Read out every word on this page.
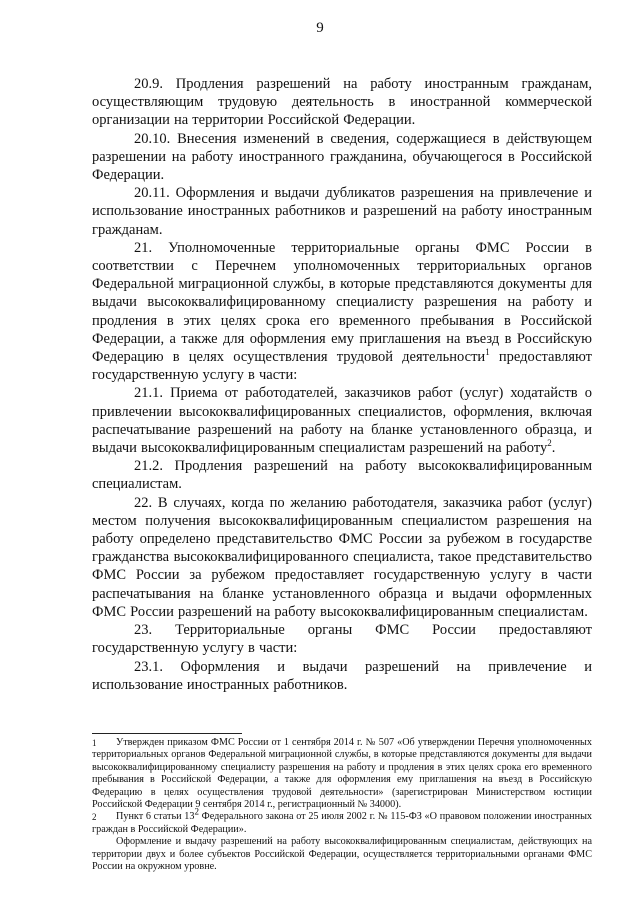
9

20.9. Продления разрешений на работу иностранным гражданам, осуществляющим трудовую деятельность в иностранной коммерческой организации на территории Российской Федерации.

20.10. Внесения изменений в сведения, содержащиеся в действующем разрешении на работу иностранного гражданина, обучающегося в Российской Федерации.

20.11. Оформления и выдачи дубликатов разрешения на привлечение и использование иностранных работников и разрешений на работу иностранным гражданам.

21. Уполномоченные территориальные органы ФМС России в соответствии с Перечнем уполномоченных территориальных органов Федеральной миграционной службы, в которые представляются документы для выдачи высококвалифицированному специалисту разрешения на работу и продления в этих целях срока его временного пребывания в Российской Федерации, а также для оформления ему приглашения на въезд в Российскую Федерацию в целях осуществления трудовой деятельности$^1$ предоставляют государственную услугу в части:

21.1. Приема от работодателей, заказчиков работ (услуг) ходатайств о привлечении высококвалифицированных специалистов, оформления, включая распечатывание разрешений на работу на бланке установленного образца, и выдачи высококвалифицированным специалистам разрешений на работу$^2$.

21.2. Продления разрешений на работу высококвалифицированным специалистам.

22. В случаях, когда по желанию работодателя, заказчика работ (услуг) местом получения высококвалифицированным специалистом разрешения на работу определено представительство ФМС России за рубежом в государстве гражданства высококвалифицированного специалиста, такое представительство ФМС России за рубежом предоставляет государственную услугу в части распечатывания на бланке установленного образца и выдачи оформленных ФМС России разрешений на работу высококвалифицированным специалистам.

23. Территориальные органы ФМС России предоставляют государственную услугу в части:

23.1. Оформления и выдачи разрешений на привлечение и использование иностранных работников.

1 Утвержден приказом ФМС России от 1 сентября 2014 г. № 507 «Об утверждении Перечня уполномоченных территориальных органов Федеральной миграционной службы, в которые представляются документы для выдачи высококвалифицированному специалисту разрешения на работу и продления в этих целях срока его временного пребывания в Российской Федерации, а также для оформления ему приглашения на въезд в Российскую Федерацию в целях осуществления трудовой деятельности» (зарегистрирован Министерством юстиции Российской Федерации 9 сентября 2014 г., регистрационный № 34000).

2 Пункт 6 статьи $13^2$ Федерального закона от 25 июля 2002 г. № 115-ФЗ «О правовом положении иностранных граждан в Российской Федерации».

Оформление и выдачу разрешений на работу высококвалифицированным специалистам, действующих на территории двух и более субъектов Российской Федерации, осуществляется территориальными органами ФМС России на окружном уровне.
